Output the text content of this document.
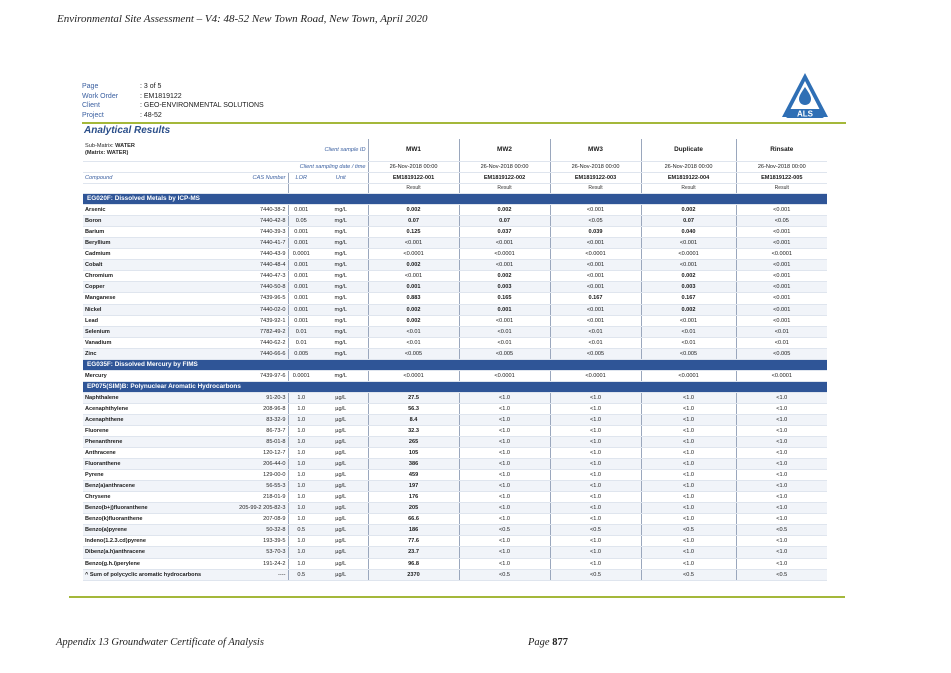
Environmental Site Assessment – V4: 48-52 New Town Road, New Town, April 2020
Page	: 3 of 5
Work Order	: EM1819122
Client	: GEO-ENVIRONMENTAL SOLUTIONS
Project	: 48-52	ALS
Analytical Results
Sub-Matrix: WATER
(Matrix: WATER)		Client sample ID		MW1	MW2	MW3	Duplicate	Rinsate
	Client sampling date / time			26-Nov-2018 00:00	26-Nov-2018 00:00	26-Nov-2018 00:00	26-Nov-2018 00:00	26-Nov-2018 00:00
Compound	CAS Number	LOR	Unit	EM1819122-001	EM1819122-002	EM1819122-003	EM1819122-004	EM1819122-005
				Result	Result	Result	Result	Result
EG020F: Dissolved Metals by ICP-MS								
Arsenic	7440-38-2	0.001	mg/L	0.002	0.002	<0.001	0.002	<0.001
Boron	7440-42-8	0.05	mg/L	0.07	0.07	<0.05	0.07	<0.05
Barium	7440-39-3	0.001	mg/L	0.125	0.037	0.039	0.040	<0.001
Beryllium	7440-41-7	0.001	mg/L	<0.001	<0.001	<0.001	<0.001	<0.001
Cadmium	7440-43-9	0.0001	mg/L	<0.0001	<0.0001	<0.0001	<0.0001	<0.0001
Cobalt	7440-48-4	0.001	mg/L	0.002	<0.001	<0.001	<0.001	<0.001
Chromium	7440-47-3	0.001	mg/L	<0.001	0.002	<0.001	0.002	<0.001
Copper	7440-50-8	0.001	mg/L	0.001	0.003	<0.001	0.003	<0.001
Manganese	7439-96-5	0.001	mg/L	0.883	0.165	0.167	0.167	<0.001
Nickel	7440-02-0	0.001	mg/L	0.002	0.001	<0.001	0.002	<0.001
Lead	7439-92-1	0.001	mg/L	0.002	<0.001	<0.001	<0.001	<0.001
Selenium	7782-49-2	0.01	mg/L	<0.01	<0.01	<0.01	<0.01	<0.01
Vanadium	7440-62-2	0.01	mg/L	<0.01	<0.01	<0.01	<0.01	<0.01
Zinc	7440-66-6	0.005	mg/L	<0.005	<0.005	<0.005	<0.005	<0.005
EG035F: Dissolved Mercury by FIMS								
Mercury	7439-97-6	0.0001	mg/L	<0.0001	<0.0001	<0.0001	<0.0001	<0.0001
EP075(SIM)B: Polynuclear Aromatic Hydrocarbons								
Naphthalene	91-20-3	1.0	µg/L	27.5	<1.0	<1.0	<1.0	<1.0
Acenaphthylene	208-96-8	1.0	µg/L	56.3	<1.0	<1.0	<1.0	<1.0
Acenaphthene	83-32-9	1.0	µg/L	8.4	<1.0	<1.0	<1.0	<1.0
Fluorene	86-73-7	1.0	µg/L	32.3	<1.0	<1.0	<1.0	<1.0
Phenanthrene	85-01-8	1.0	µg/L	265	<1.0	<1.0	<1.0	<1.0
Anthracene	120-12-7	1.0	µg/L	105	<1.0	<1.0	<1.0	<1.0
Fluoranthene	206-44-0	1.0	µg/L	386	<1.0	<1.0	<1.0	<1.0
Pyrene	129-00-0	1.0	µg/L	459	<1.0	<1.0	<1.0	<1.0
Benz(a)anthracene	56-55-3	1.0	µg/L	197	<1.0	<1.0	<1.0	<1.0
Chrysene	218-01-9	1.0	µg/L	176	<1.0	<1.0	<1.0	<1.0
Benzo(b+j)fluoranthene	205-99-2 205-82-3	1.0	µg/L	205	<1.0	<1.0	<1.0	<1.0
Benzo(k)fluoranthene	207-08-9	1.0	µg/L	66.6	<1.0	<1.0	<1.0	<1.0
Benzo(a)pyrene	50-32-8	0.5	µg/L	186	<0.5	<0.5	<0.5	<0.5
Indeno(1.2.3.cd)pyrene	193-39-5	1.0	µg/L	77.6	<1.0	<1.0	<1.0	<1.0
Dibenz(a.h)anthracene	53-70-3	1.0	µg/L	23.7	<1.0	<1.0	<1.0	<1.0
Benzo(g.h.i)perylene	191-24-2	1.0	µg/L	96.8	<1.0	<1.0	<1.0	<1.0
^ Sum of polycyclic aromatic hydrocarbons	----	0.5	µg/L	2370	<0.5	<0.5	<0.5	<0.5
Appendix 13 Groundwater Certificate of Analysis	Page 877
